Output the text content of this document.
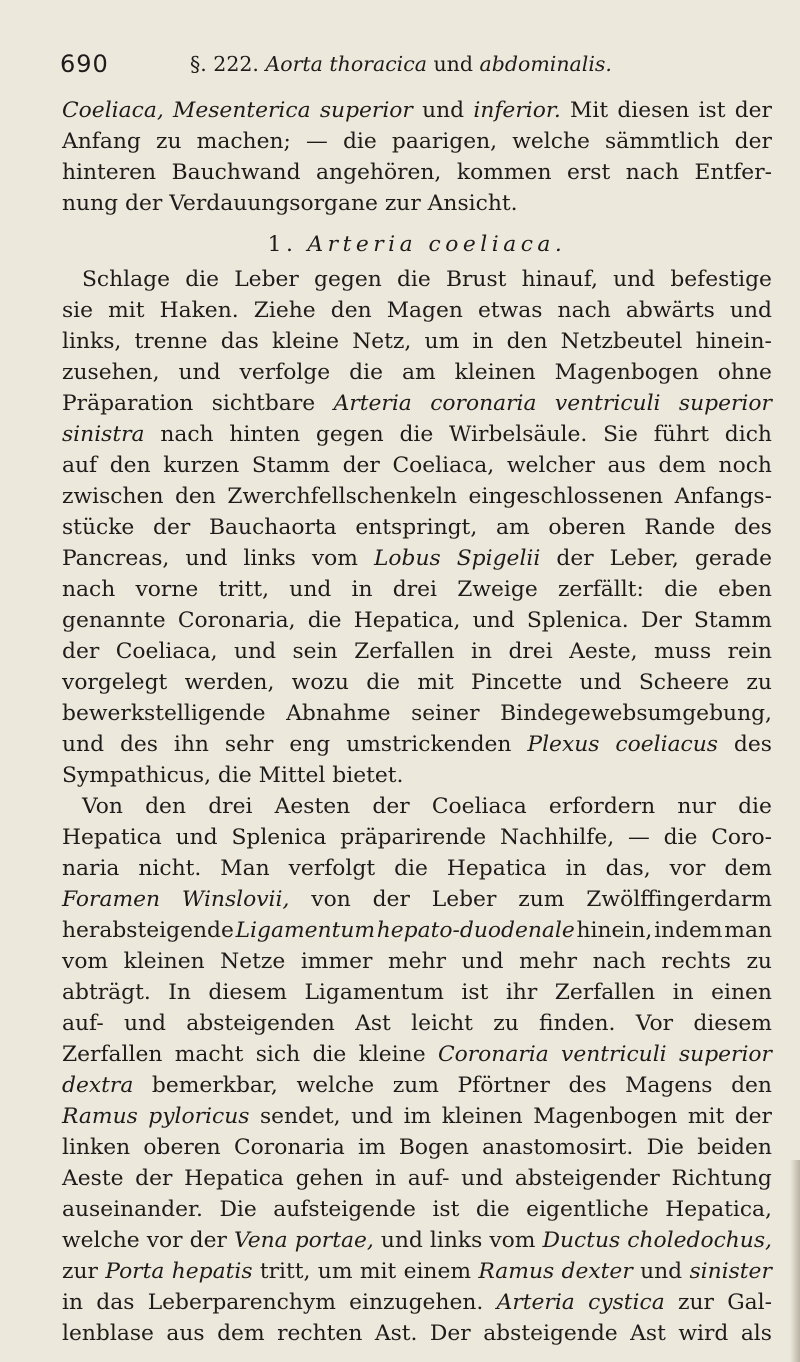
690	§. 222. Aorta thoracica und abdominalis.
Coeliaca, Mesenterica superior und inferior. Mit diesen ist der
Anfang zu machen; — die paarigen, welche sämmtlich der
hinteren Bauchwand angehören, kommen erst nach Entfer-
nung der Verdauungsorgane zur Ansicht.
1. Arteria coeliaca.
Schlage die Leber gegen die Brust hinauf, und befestige
sie mit Haken. Ziehe den Magen etwas nach abwärts und
links, trenne das kleine Netz, um in den Netzbeutel hinein-
zusehen, und verfolge die am kleinen Magenbogen ohne
Präparation sichtbare Arteria coronaria ventriculi superior
sinistra nach hinten gegen die Wirbelsäule. Sie führt dich
auf den kurzen Stamm der Coeliaca, welcher aus dem noch
zwischen den Zwerchfellschenkeln eingeschlossenen Anfangs-
stücke der Bauchaorta entspringt, am oberen Rande des
Pancreas, und links vom Lobus Spigelii der Leber, gerade
nach vorne tritt, und in drei Zweige zerfällt: die eben
genannte Coronaria, die Hepatica, und Splenica. Der Stamm
der Coeliaca, und sein Zerfallen in drei Aeste, muss rein
vorgelegt werden, wozu die mit Pincette und Scheere zu
bewerkstelligende Abnahme seiner Bindegewebsumgebung,
und des ihn sehr eng umstrickenden Plexus coeliacus des
Sympathicus, die Mittel bietet.
Von den drei Aesten der Coeliaca erfordern nur die
Hepatica und Splenica präparirende Nachhilfe, — die Coro-
naria nicht. Man verfolgt die Hepatica in das, vor dem
Foramen Winslovii, von der Leber zum Zwölffingerdarm
herabsteigende Ligamentum hepato-duodenale hinein, indem man
vom kleinen Netze immer mehr und mehr nach rechts zu
abträgt. In diesem Ligamentum ist ihr Zerfallen in einen
auf- und absteigenden Ast leicht zu finden. Vor diesem
Zerfallen macht sich die kleine Coronaria ventriculi superior
dextra bemerkbar, welche zum Pförtner des Magens den
Ramus pyloricus sendet, und im kleinen Magenbogen mit der
linken oberen Coronaria im Bogen anastomosirt. Die beiden
Aeste der Hepatica gehen in auf- und absteigender Richtung
auseinander. Die aufsteigende ist die eigentliche Hepatica,
welche vor der Vena portae, und links vom Ductus choledochus,
zur Porta hepatis tritt, um mit einem Ramus dexter und sinister
in das Leberparenchym einzugehen. Arteria cystica zur Gal-
lenblase aus dem rechten Ast. Der absteigende Ast wird als
